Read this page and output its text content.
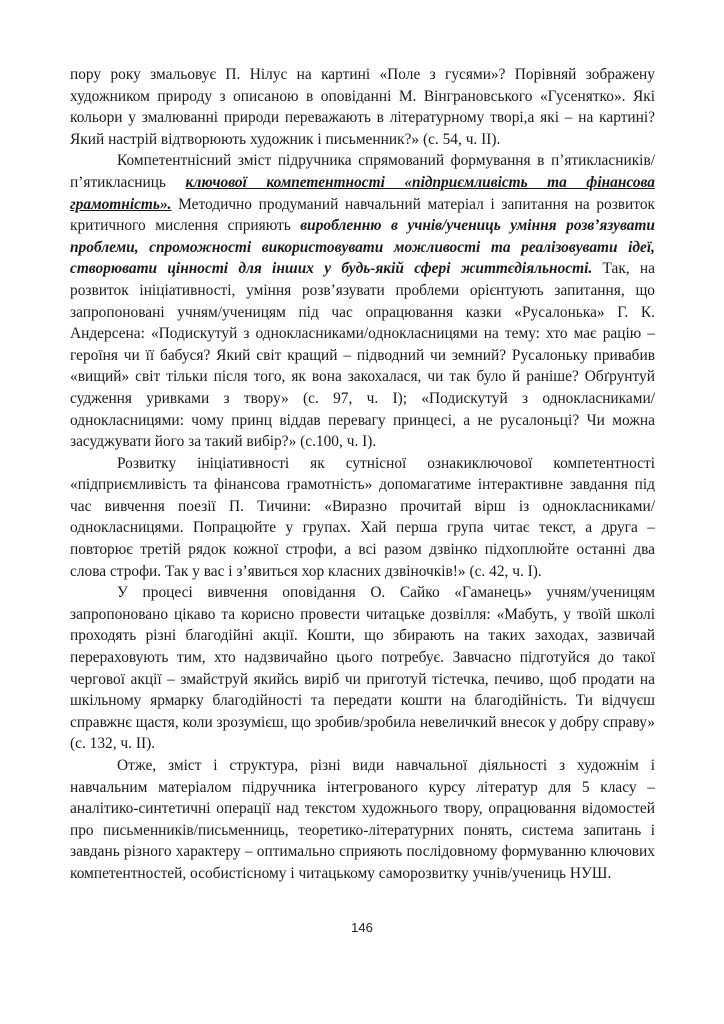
пору року змальовує П. Нілус на картині «Поле з гусями»? Порівняй зображену художником природу з описаною в оповіданні М. Вінграновського «Гусенятко». Які кольори у змалюванні природи переважають в літературному творі,а які – на картині? Який настрій відтворюють художник і письменник?» (с. 54, ч. ІІ).

Компетентнісний зміст підручника спрямований формування в п’ятикласників/п’ятикласниць ключової компетентності «підприємливість та фінансова грамотність». Методично продуманий навчальний матеріал і запитання на розвиток критичного мислення сприяють виробленню в учнів/учениць уміння розв’язувати проблеми, спроможності використовувати можливості та реалізовувати ідеї, створювати цінності для інших у будь-якій сфері життєдіяльності. Так, на розвиток ініціативності, уміння розв’язувати проблеми орієнтують запитання, що запропоновані учням/ученицям під час опрацювання казки «Русалонька» Г. К. Андерсена: «Подискутуй з однокласниками/однокласницями на тему: хто має рацію – героїня чи її бабуся? Який світ кращий – підводний чи земний? Русалоньку привабив «вищий» світ тільки після того, як вона закохалася, чи так було й раніше? Обґрунтуй судження уривками з твору» (с. 97, ч. І); «Подискутуй з однокласниками/однокласницями: чому принц віддав перевагу принцесі, а не русалоньці? Чи можна засуджувати його за такий вибір?» (с.100, ч. І).

Розвитку ініціативності як сутнісної ознакиключової компетентності «підприємливість та фінансова грамотність» допомагатиме інтерактивне завдання під час вивчення поезії П. Тичини: «Виразно прочитай вірш із однокласниками/однокласницями. Попрацюйте у групах. Хай перша група читає текст, а друга – повторює третій рядок кожної строфи, а всі разом дзвінко підхоплюйте останні два слова строфи. Так у вас і з’явиться хор класних дзвіночків!» (с. 42, ч. І).

У процесі вивчення оповідання О. Сайко «Гаманець» учням/ученицям запропоновано цікаво та корисно провести читацьке дозвілля: «Мабуть, у твоїй школі проходять різні благодійні акції. Кошти, що збирають на таких заходах, зазвичай перераховують тим, хто надзвичайно цього потребує. Завчасно підготуйся до такої чергової акції – змайструй якийсь виріб чи приготуй тістечка, печиво, щоб продати на шкільному ярмарку благодійності та передати кошти на благодійність. Ти відчуєш справжнє щастя, коли зрозумієш, що зробив/зробила невеличкий внесок у добру справу» (с. 132, ч. ІІ).

Отже, зміст і структура, різні види навчальної діяльності з художнім і навчальним матеріалом підручника інтегрованого курсу літератур для 5 класу – аналітико-синтетичні операції над текстом художнього твору, опрацювання відомостей про письменників/письменниць, теоретико-літературних понять, система запитань і завдань різного характеру – оптимально сприяють послідовному формуванню ключових компетентностей, особистісному і читацькому саморозвитку учнів/учениць НУШ.

146
